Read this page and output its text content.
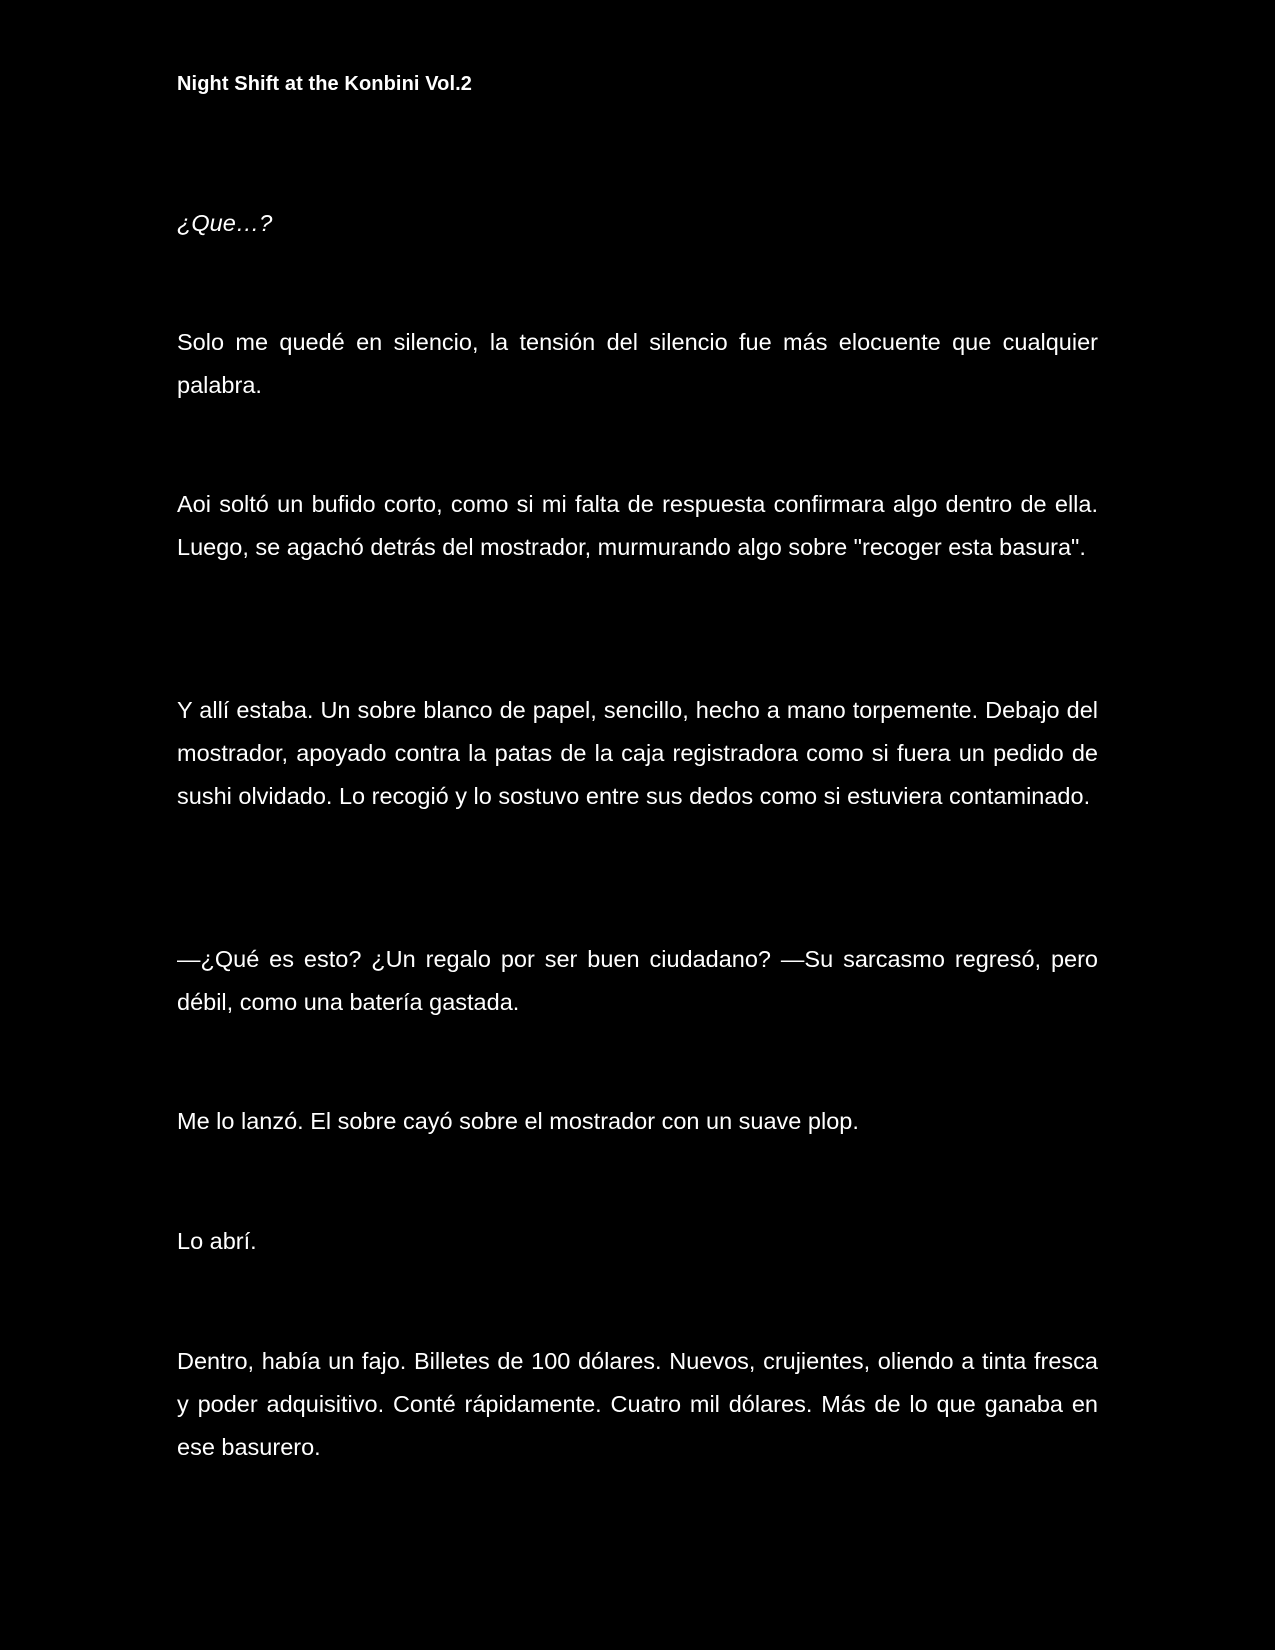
Night Shift at the Konbini Vol.2

¿Que…?

Solo me quedé en silencio, la tensión del silencio fue más elocuente que cualquier palabra.

Aoi soltó un bufido corto, como si mi falta de respuesta confirmara algo dentro de ella. Luego, se agachó detrás del mostrador, murmurando algo sobre "recoger esta basura".

Y allí estaba. Un sobre blanco de papel, sencillo, hecho a mano torpemente. Debajo del mostrador, apoyado contra la patas de la caja registradora como si fuera un pedido de sushi olvidado. Lo recogió y lo sostuvo entre sus dedos como si estuviera contaminado.

—¿Qué es esto? ¿Un regalo por ser buen ciudadano? —Su sarcasmo regresó, pero débil, como una batería gastada.

Me lo lanzó. El sobre cayó sobre el mostrador con un suave plop.

Lo abrí.

Dentro, había un fajo. Billetes de 100 dólares. Nuevos, crujientes, oliendo a tinta fresca y poder adquisitivo. Conté rápidamente. Cuatro mil dólares. Más de lo que ganaba en ese basurero.
